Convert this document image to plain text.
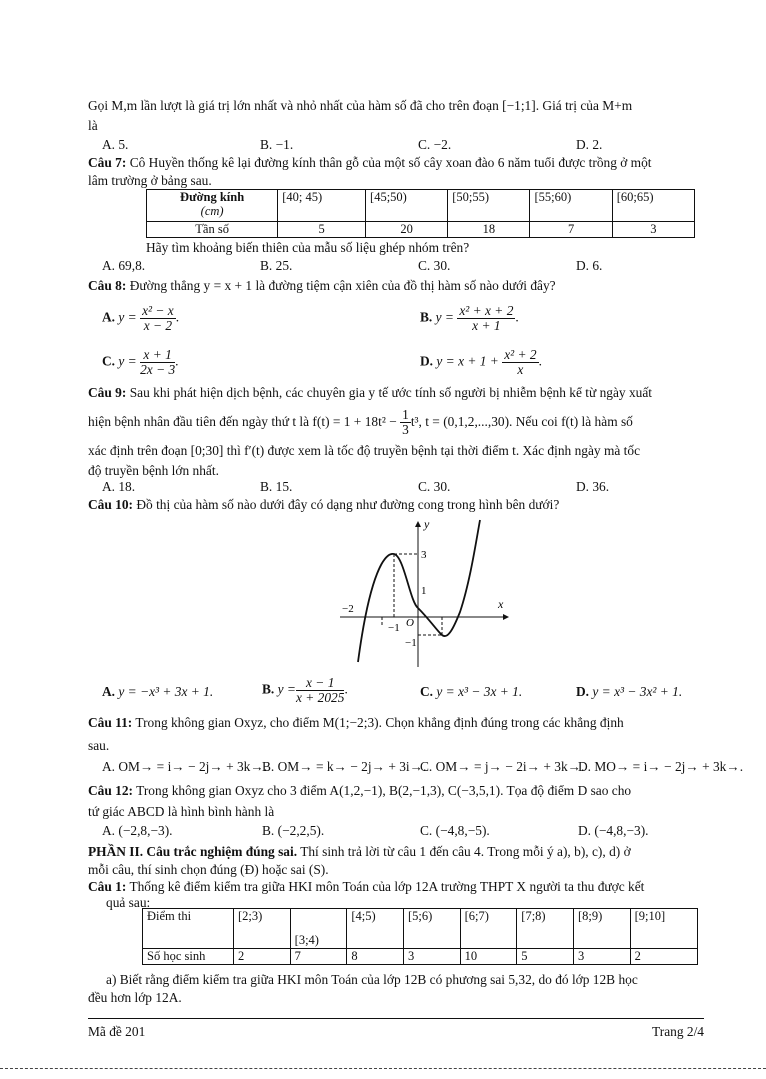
Gọi M,m lần lượt là giá trị lớn nhất và nhỏ nhất của hàm số đã cho trên đoạn [−1;1]. Giá trị của M+m
là
A. 5.	B. −1.	C. −2.	D. 2.
Câu 7: Cô Huyền thống kê lại đường kính thân gỗ của một số cây xoan đào 6 năm tuổi được trồng ở một
lâm trường ở bảng sau.
Đường kính
(cm)	[40; 45)	[45;50)	[50;55)	[55;60)	[60;65)
Tần số	5	20	18	7	3
Hãy tìm khoảng biến thiên của mẫu số liệu ghép nhóm trên?
A. 69,8.	B. 25.	C. 30.	D. 6.
Câu 8: Đường thẳng y = x + 1 là đường tiệm cận xiên của đồ thị hàm số nào dưới đây?
A. $y = \frac{\text{x² − x}}{x - 2}$ .	B. $y = \frac{\text{x² + x + 2}}{x + 1}$ .
C. $y = \frac{x + 1}{2x - 3}$ .	D. $y = x + 1 + \frac{\text{x² + 2}}{x}$ .
Câu 9: Sau khi phát hiện dịch bệnh, các chuyên gia y tế ước tính số người bị nhiễm bệnh kể từ ngày xuất
hiện bệnh nhân đầu tiên đến ngày thứ t là $f(t) = 1 + 18t^2 - \frac{1}{3} t^3$, t = (0,1,2,...,30). Nếu coi f(t) là hàm số
xác định trên đoạn [0;30] thì f′(t) được xem là tốc độ truyền bệnh tại thời điểm t. Xác định ngày mà tốc
độ truyền bệnh lớn nhất.
A. 18.	B. 15.	C. 30.	D. 36.
Câu 10: Đồ thị của hàm số nào dưới đây có dạng như đường cong trong hình bên dưới?
x
y
O
3
1
−2
−1
−1
A. y = −x³ + 3x + 1.	B. $y = \frac{x - 1}{x + 2025}$ .	C. y = x³ − 3x + 1.	D. y = x³ − 3x² + 1.
Câu 11: Trong không gian Oxyz, cho điểm M(1;−2;3). Chọn khẳng định đúng trong các khẳng định
sau.
A. OM→ = i→ − 2j→ + 3k→.
B. OM→ = k→ − 2j→ + 3i→.
C. OM→ = j→ − 2i→ + 3k→.
D. MO→ = i→ − 2j→ + 3k→.
Câu 12: Trong không gian Oxyz cho 3 điểm A(1,2,−1), B(2,−1,3), C(−3,5,1). Tọa độ điểm D sao cho
tứ giác ABCD là hình bình hành là
A. (−2,8,−3).	B. (−2,2,5).	C. (−4,8,−5).	D. (−4,8,−3).
PHẦN II. Câu trắc nghiệm đúng sai. Thí sinh trả lời từ câu 1 đến câu 4. Trong mỗi ý a), b), c), d) ở
mỗi câu, thí sinh chọn đúng (Đ) hoặc sai (S).
Câu 1: Thống kê điểm kiểm tra giữa HKI môn Toán của lớp 12A trường THPT X người ta thu được kết
quả sau:
Điểm thi	[2;3)	[3;4)	[4;5)	[5;6)	[6;7)	[7;8)	[8;9)	[9;10]
Số học sinh	2	7	8	3	10	5	3	2
a) Biết rằng điểm kiểm tra giữa HKI môn Toán của lớp 12B có phương sai 5,32, do đó lớp 12B học
đều hơn lớp 12A.
Mã đề 201	Trang 2/4
